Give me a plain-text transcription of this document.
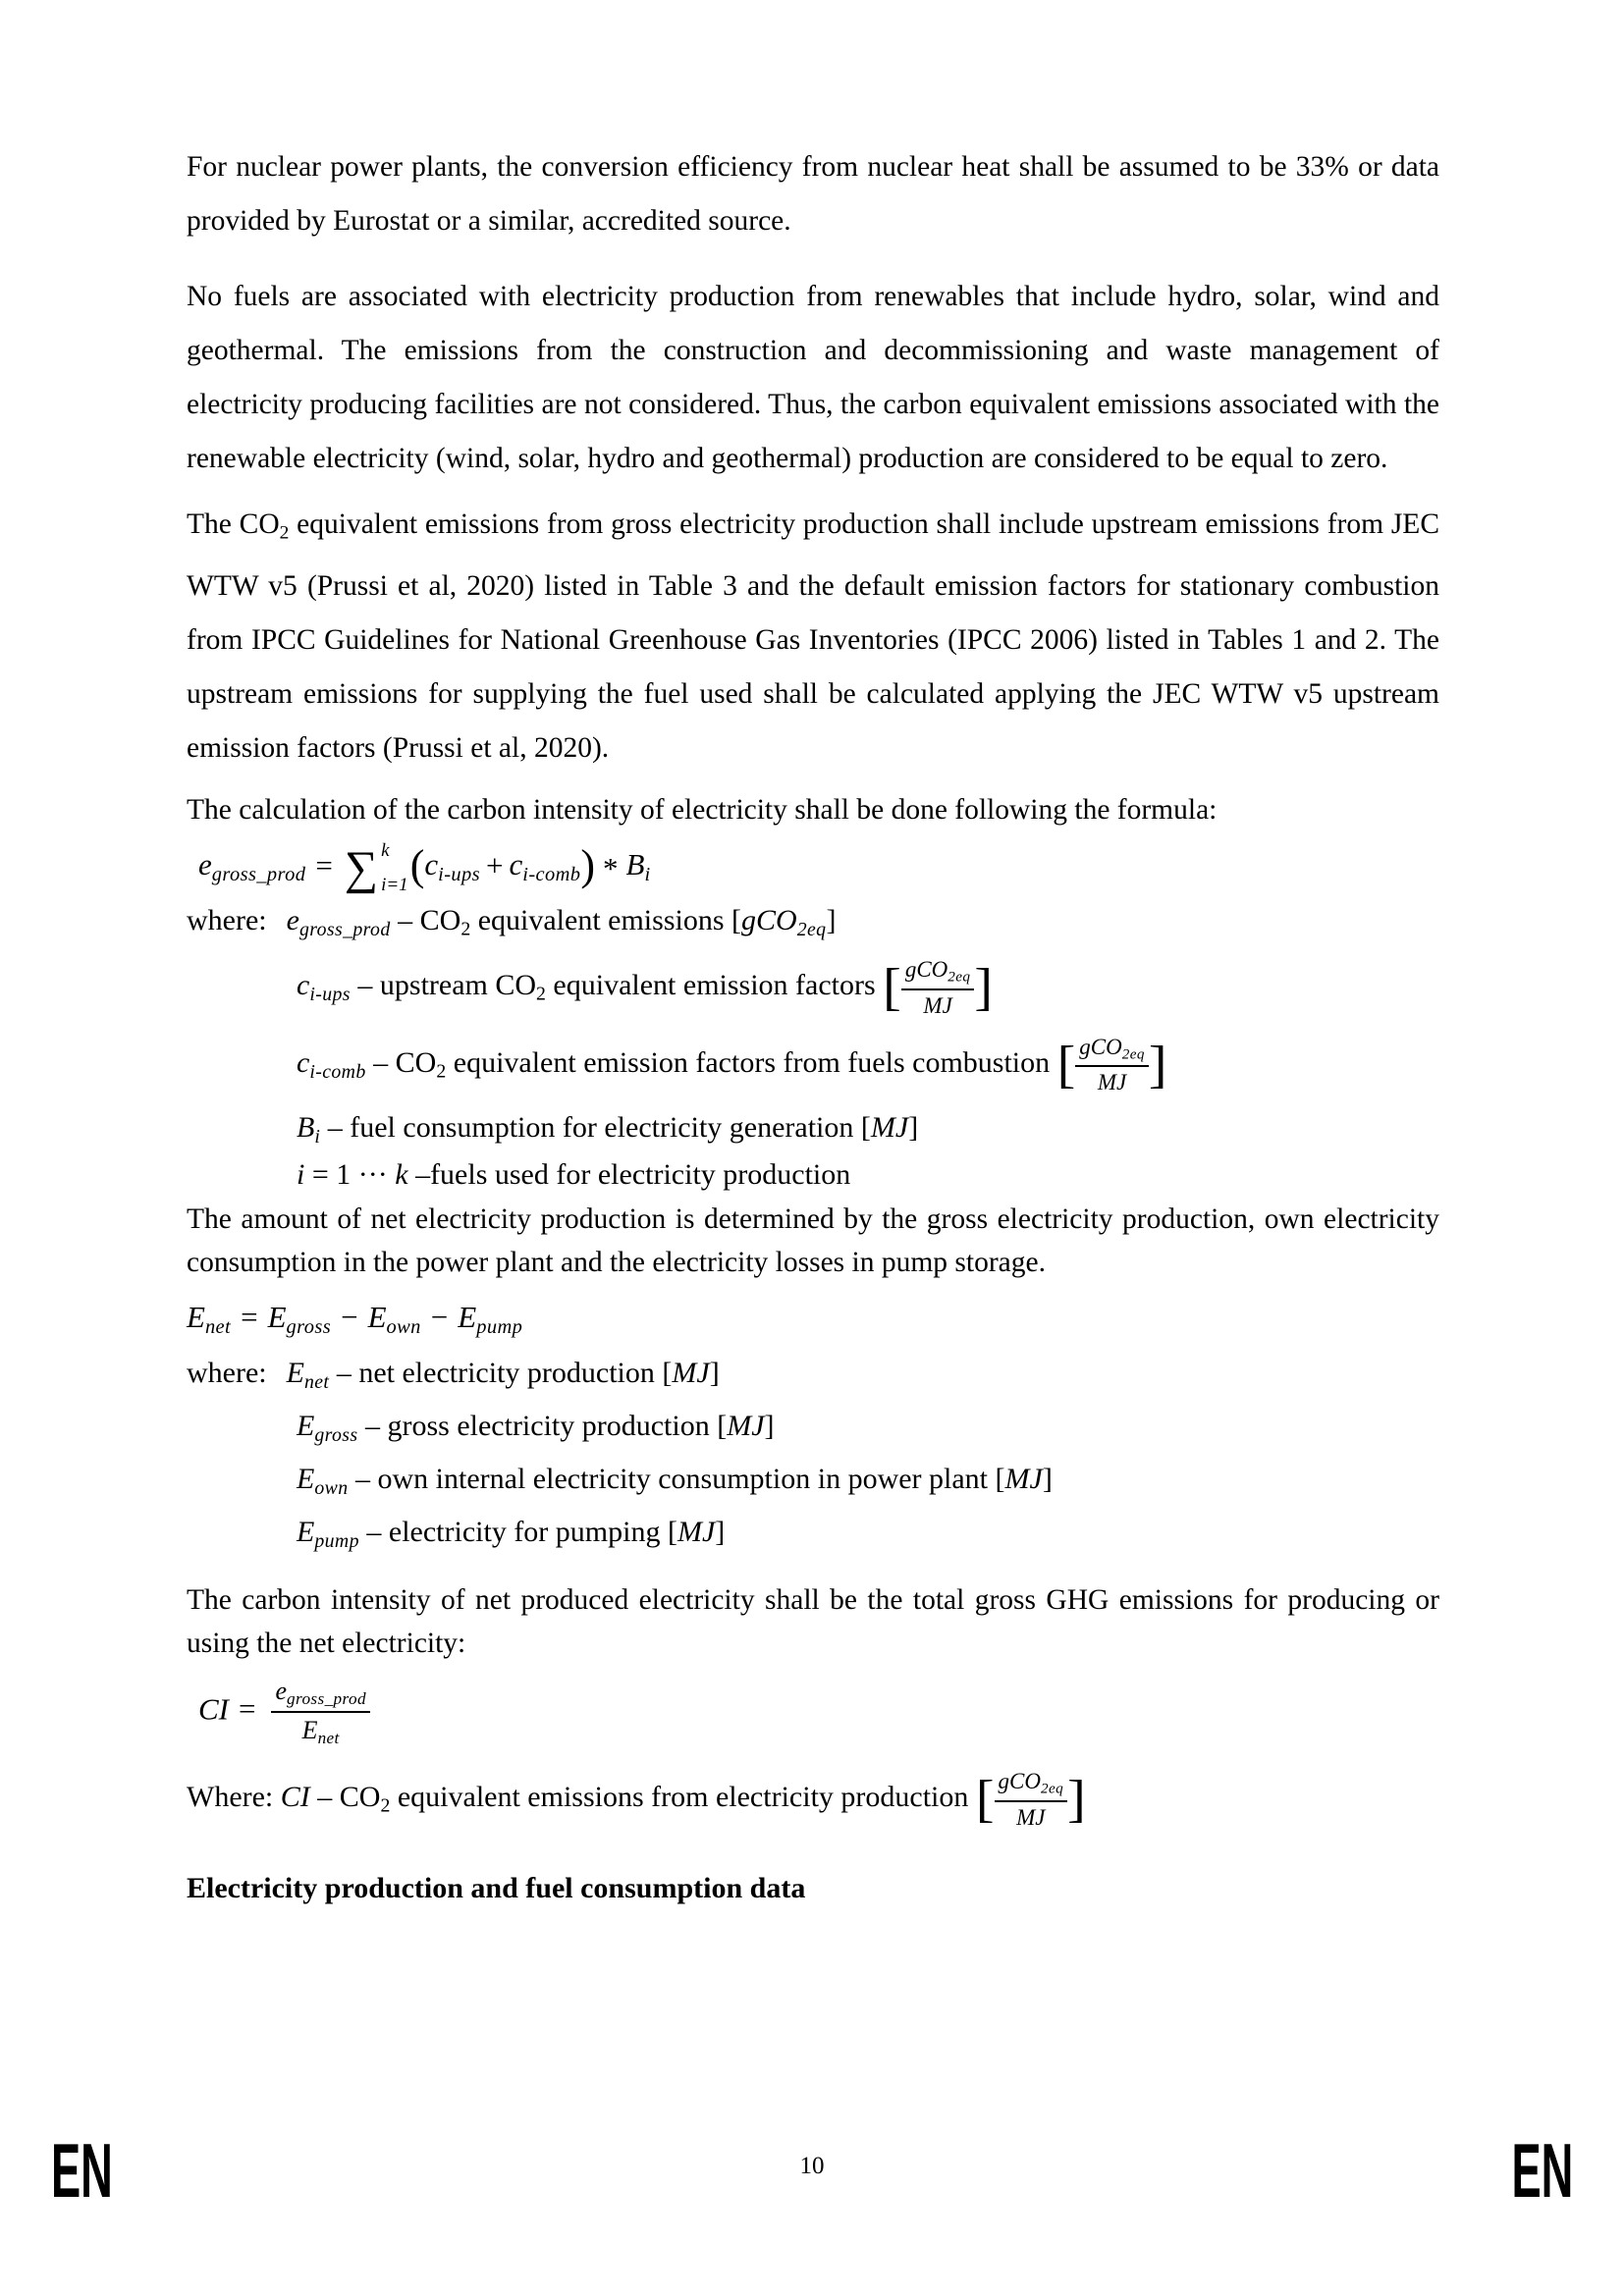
For nuclear power plants, the conversion efficiency from nuclear heat shall be assumed to be 33% or data provided by Eurostat or a similar, accredited source.
No fuels are associated with electricity production from renewables that include hydro, solar, wind and geothermal. The emissions from the construction and decommissioning and waste management of electricity producing facilities are not considered. Thus, the carbon equivalent emissions associated with the renewable electricity (wind, solar, hydro and geothermal) production are considered to be equal to zero.
The CO2 equivalent emissions from gross electricity production shall include upstream emissions from JEC WTW v5 (Prussi et al, 2020) listed in Table 3 and the default emission factors for stationary combustion from IPCC Guidelines for National Greenhouse Gas Inventories (IPCC 2006) listed in Tables 1 and 2. The upstream emissions for supplying the fuel used shall be calculated applying the JEC WTW v5 upstream emission factors (Prussi et al, 2020).
The calculation of the carbon intensity of electricity shall be done following the formula:
egross_prod = ∑ k
i=1 (ci-ups + ci-comb) * Bi
where: egross_prod – CO2 equivalent emissions [gCO2eq]
ci-ups – upstream CO2 equivalent emission factors [ $\frac{\text{gCO2eq}}{MJ}$ ]
ci-comb – CO2 equivalent emission factors from fuels combustion [ $\frac{\text{gCO2eq}}{MJ}$ ]
Bi – fuel consumption for electricity generation [MJ]
i = 1 ··· k –fuels used for electricity production
The amount of net electricity production is determined by the gross electricity production, own electricity consumption in the power plant and the electricity losses in pump storage.
Enet = Egross − Eown − Epump
where: Enet – net electricity production [MJ]
Egross – gross electricity production [MJ]
Eown – own internal electricity consumption in power plant [MJ]
Epump – electricity for pumping [MJ]
The carbon intensity of net produced electricity shall be the total gross GHG emissions for producing or using the net electricity:
CI = $\frac{\text{egross\_prod}}{\text{Enet}}$
Where: CI – CO2 equivalent emissions from electricity production [ $\frac{\text{gCO2eq}}{MJ}$ ]
Electricity production and fuel consumption data
EN	10	EN
